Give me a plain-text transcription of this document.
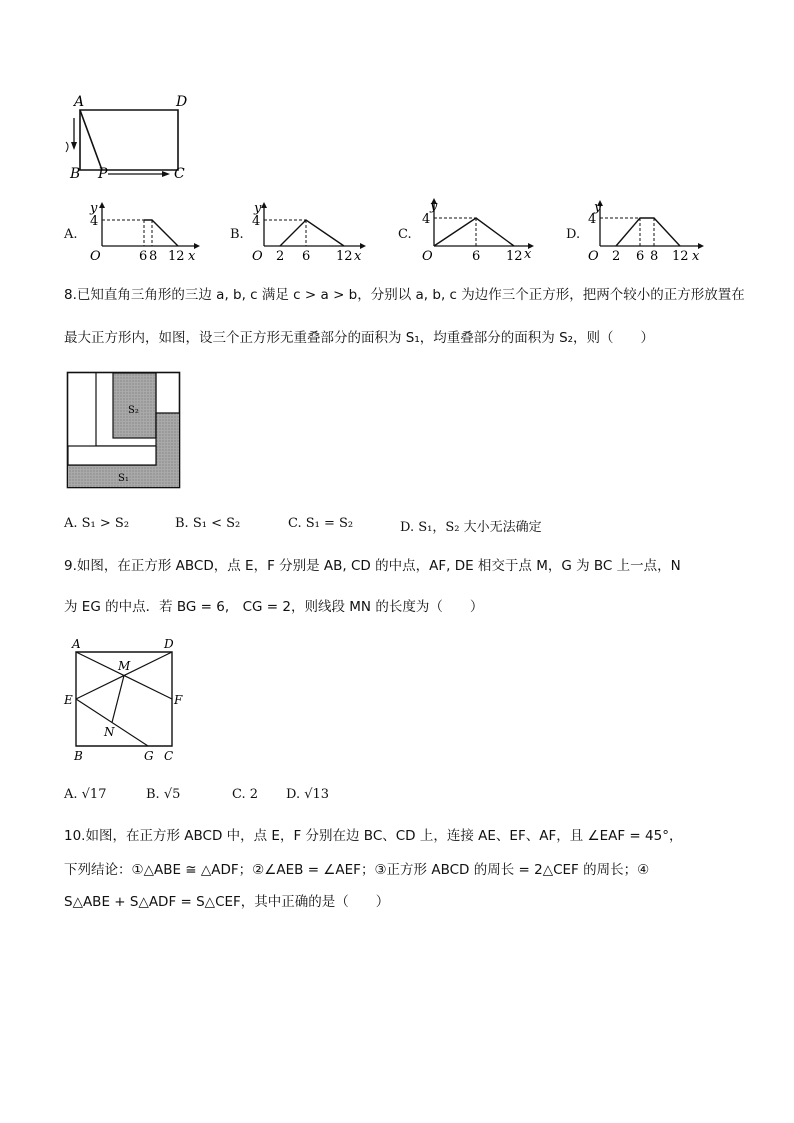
A	D
B P	C
A.
y
4
O	6 8 12 x
B.
y
4
O 2 6 12 x
C.
y
4
O	6 12 x
D.
y
4
O 2 6 8 12 x
8.已知直角三角形的三边 a, b, c 满足 c > a > b，分别以 a, b, c 为边作三个正方形，把两个较小的正方形放置在
最大正方形内，如图，设三个正方形无重叠部分的面积为 S₁，均重叠部分的面积为 S₂，则（　　）
S₂
S₁
A. S₁ > S₂	B. S₁ < S₂	C. S₁ = S₂	D. S₁，S₂ 大小无法确定
9.如图，在正方形 ABCD，点 E，F 分别是 AB, CD 的中点，AF, DE 相交于点 M，G 为 BC 上一点，N
为 EG 的中点．若 BG = 6,　CG = 2，则线段 MN 的长度为（　　）
A	D
M
E	F
N
B	G C
A. √17	B. √5	C. 2 D. √13
10.如图，在正方形 ABCD 中，点 E，F 分别在边 BC、CD 上，连接 AE、EF、AF，且 ∠EAF = 45°，
下列结论：①△ABE ≅ △ADF；②∠AEB = ∠AEF；③正方形 ABCD 的周长 = 2△CEF 的周长；④
S△ABE + S△ADF = S△CEF，其中正确的是（　　）
